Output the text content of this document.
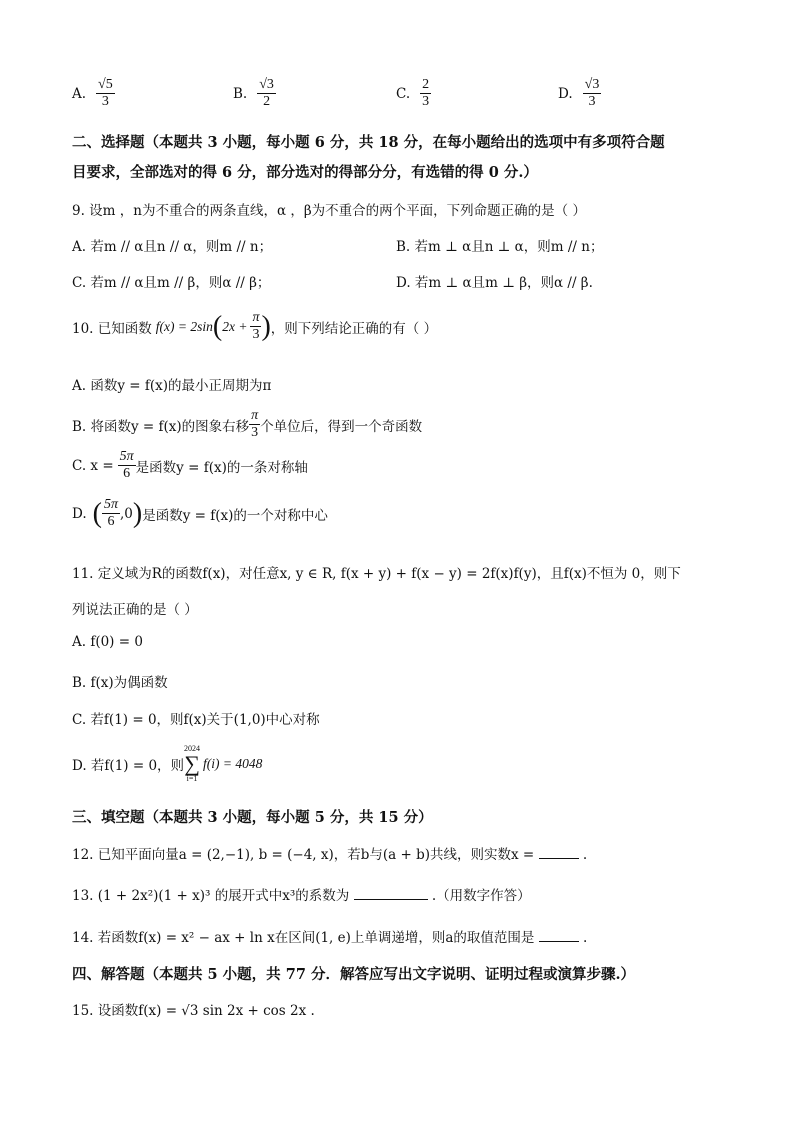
A. $\frac{√5}{3}$	B. $\frac{√3}{2}$	C. $\frac{2}{3}$	D. $\frac{√3}{3}$
二、选择题（本题共 3 小题，每小题 6 分，共 18 分，在每小题给出的选项中有多项符合题
目要求，全部选对的得 6 分，部分选对的得部分分，有选错的得 0 分.）
9. 设m ，n为不重合的两条直线，α ，β为不重合的两个平面，下列命题正确的是（ ）
A. 若m // α且n // α，则m // n；	B. 若m ⊥ α且n ⊥ α，则m // n；
C. 若m // α且m // β，则α // β；	D. 若m ⊥ α且m ⊥ β，则α // β.
10. 已知函数 f(x) = 2sin ( $2x + \frac{\pi}{3}$ ) ，则下列结论正确的有（ ）
A. 函数y = f(x)的最小正周期为π
B. 将函数y = f(x)的图象右移 $\frac{\pi}{3}$ 个单位后，得到一个奇函数
C. $x = \frac{5\pi}{6}$ 是函数y = f(x)的一条对称轴
D. ( $\frac{5\pi}{6} ,0$ ) 是函数y = f(x)的一个对称中心
11. 定义域为R的函数f(x)，对任意x, y ∈ R, f(x + y) + f(x − y) = 2f(x)f(y)，且f(x)不恒为 0，则下
列说法正确的是（ ）
A. f(0) = 0
B. f(x)为偶函数
C. 若f(1) = 0，则f(x)关于(1,0)中心对称
D. 若f(1) = 0，则
2024
∑
i=1
f(i) = 4048
三、填空题（本题共 3 小题，每小题 5 分，共 15 分）
12. 已知平面向量a = (2,−1), b = (−4, x)，若b与(a + b)共线，则实数x =	.
13. (1 + 2x²)(1 + x)³ 的展开式中x³的系数为	.（用数字作答）
14. 若函数f(x) = x² − ax + ln x在区间(1, e)上单调递增，则a的取值范围是	.
四、解答题（本题共 5 小题，共 77 分．解答应写出文字说明、证明过程或演算步骤.）
15. 设函数f(x) = √3 sin 2x + cos 2x .
